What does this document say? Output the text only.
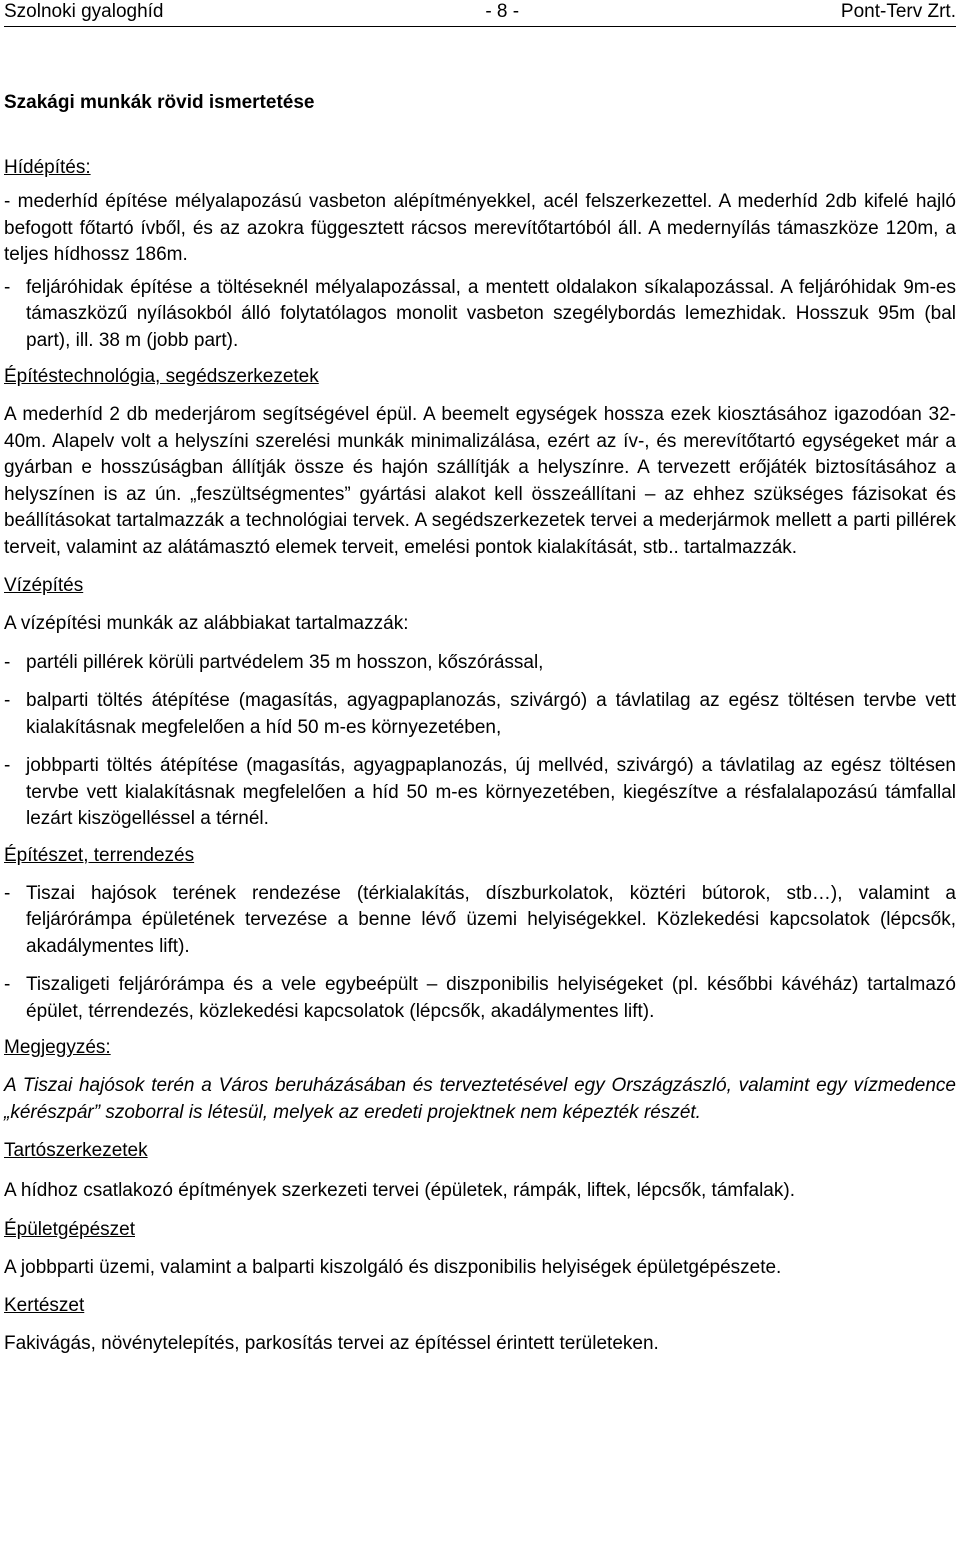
Szolnoki gyaloghíd	- 8 -	Pont-Terv Zrt.
Szakági munkák rövid ismertetése
Hídépítés:

- mederhíd építése mélyalapozású vasbeton alépítményekkel, acél felszerkezettel. A mederhíd 2db kifelé hajló befogott főtartó ívből, és az azokra függesztett rácsos merevítőtartóból áll. A medernyílás támaszköze 120m, a teljes hídhossz 186m.

- feljáróhidak építése a töltéseknél mélyalapozással, a mentett oldalakon síkalapozással. A feljáróhidak 9m-es támaszközű nyílásokból álló folytatólagos monolit vasbeton szegélybordás lemezhidak. Hosszuk 95m (bal part), ill. 38 m (jobb part).
Építéstechnológia, segédszerkezetek

A mederhíd 2 db mederjárom segítségével épül. A beemelt egységek hossza ezek kiosztásához igazodóan 32-40m. Alapelv volt a helyszíni szerelési munkák minimalizálása, ezért az ív-, és merevítőtartó egységeket már a gyárban e hosszúságban állítják össze és hajón szállítják a helyszínre. A tervezett erőjáték biztosításához a helyszínen is az ún. „feszültségmentes” gyártási alakot kell összeállítani – az ehhez szükséges fázisokat és beállításokat tartalmazzák a technológiai tervek. A segédszerkezetek tervei a mederjármok mellett a parti pillérek terveit, valamint az alátámasztó elemek terveit, emelési pontok kialakítását, stb.. tartalmazzák.

Vízépítés

A vízépítési munkák az alábbiakat tartalmazzák:

- partéli pillérek körüli partvédelem 35 m hosszon, kőszórással,
- balparti töltés átépítése (magasítás, agyagpaplanozás, szivárgó) a távlatilag az egész töltésen tervbe vett kialakításnak megfelelően a híd 50 m-es környezetében,
- jobbparti töltés átépítése (magasítás, agyagpaplanozás, új mellvéd, szivárgó) a távlatilag az egész töltésen tervbe vett kialakításnak megfelelően a híd 50 m-es környezetében, kiegészítve a résfalalapozású támfallal lezárt kiszögelléssel a térnél.
Építészet, terrendezés
- Tiszai hajósok terének rendezése (térkialakítás, díszburkolatok, köztéri bútorok, stb…), valamint a feljárórámpa épületének tervezése a benne lévő üzemi helyiségekkel. Közlekedési kapcsolatok (lépcsők, akadálymentes lift).
- Tiszaligeti feljárórámpa és a vele egybeépült – diszponibilis helyiségeket (pl. későbbi kávéház) tartalmazó épület, térrendezés, közlekedési kapcsolatok (lépcsők, akadálymentes lift).
Megjegyzés:

A Tiszai hajósok terén a Város beruházásában és terveztetésével egy Országzászló, valamint egy vízmedence „kérészpár” szoborral is létesül, melyek az eredeti projektnek nem képezték részét.

Tartószerkezetek

A hídhoz csatlakozó építmények szerkezeti tervei (épületek, rámpák, liftek, lépcsők, támfalak).

Épületgépészet

A jobbparti üzemi, valamint a balparti kiszolgáló és diszponibilis helyiségek épületgépészete.

Kertészet

Fakivágás, növénytelepítés, parkosítás tervei az építéssel érintett területeken.
